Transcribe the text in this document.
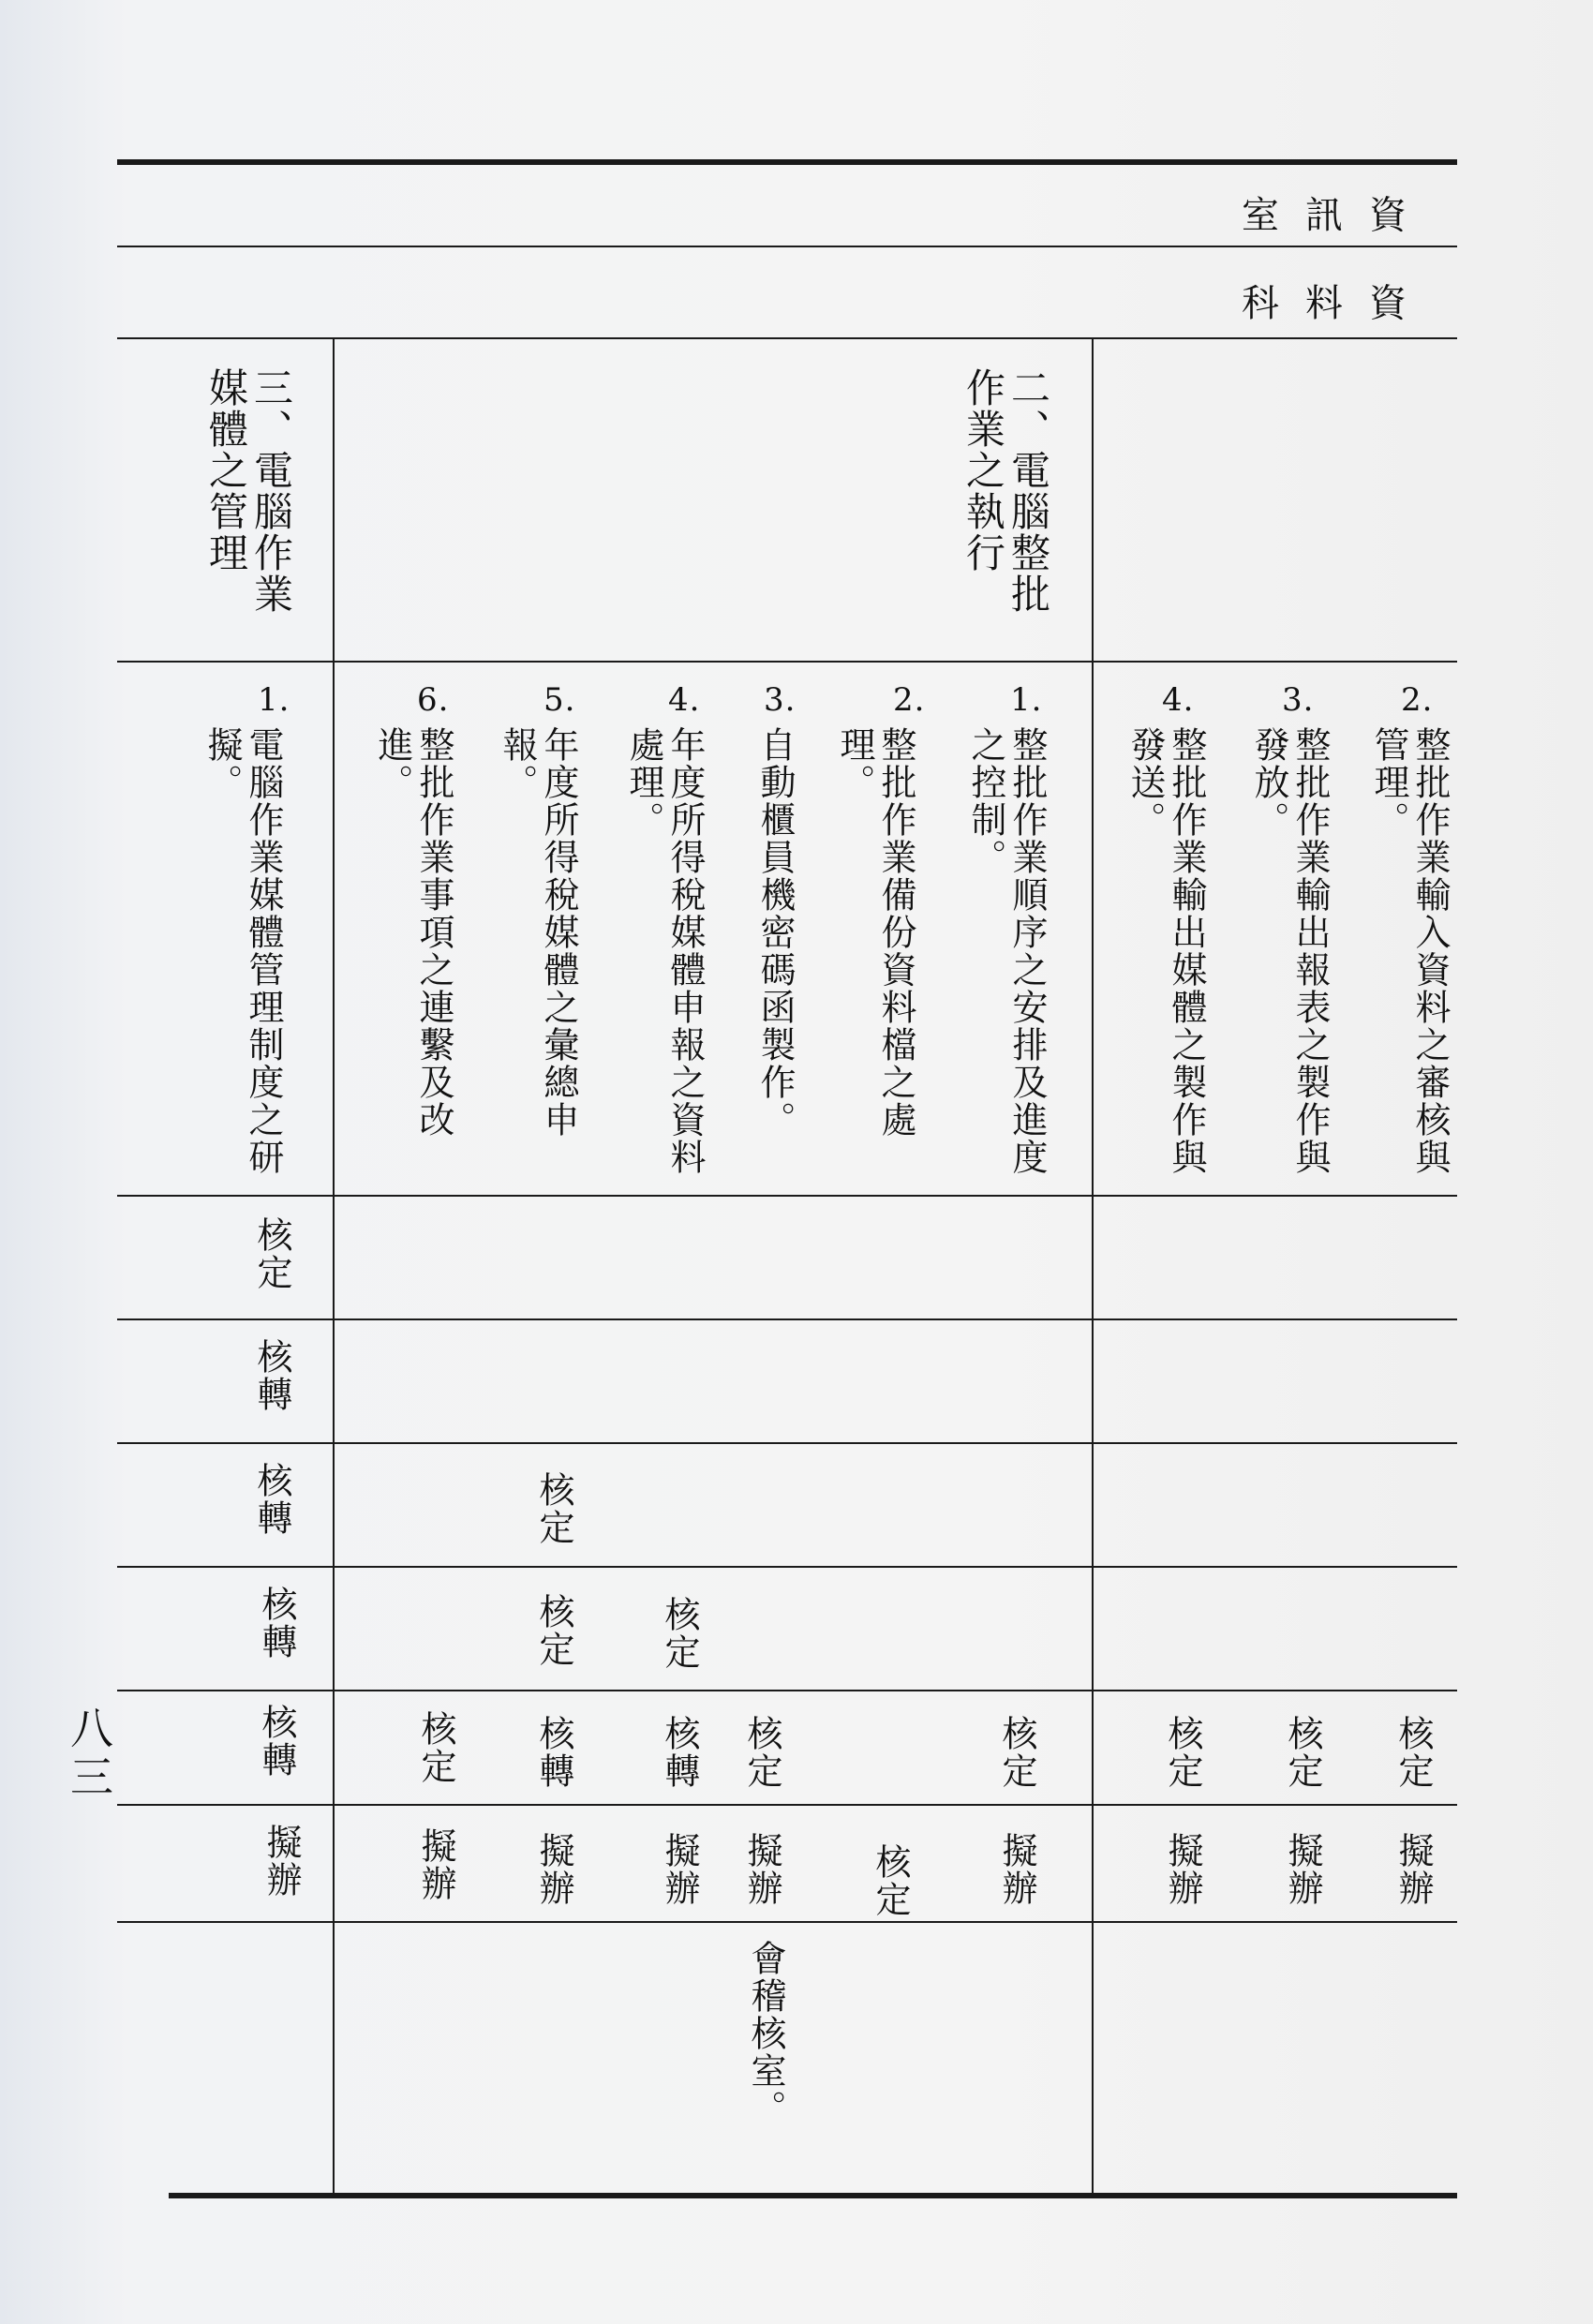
八三
資訊室
資料科
三、電腦作業媒體之管理	二、電腦整批作業之執行
2.
3.
4.
1.
2.
3.
4.
5.
6.
1.
整批作業輸入資料之審核與管理。
整批作業輸出報表之製作與發放。
整批作業輸出媒體之製作與發送。
整批作業順序之安排及進度之控制。
整批作業備份資料檔之處理。
自動櫃員機密碼函製作。
年度所得稅媒體申報之資料處理。
年度所得稅媒體之彙總申報。
整批作業事項之連繫及改進。
電腦作業媒體管理制度之研擬。
核定
核轉
核轉
核轉
核轉
擬辦
核定
擬辦
核定
擬辦
核定
擬辦
核定
擬辦
核定
核定
擬辦
會稽核室。
核定
核轉
擬辦
核定
核定
核轉
擬辦
核定
擬辦
